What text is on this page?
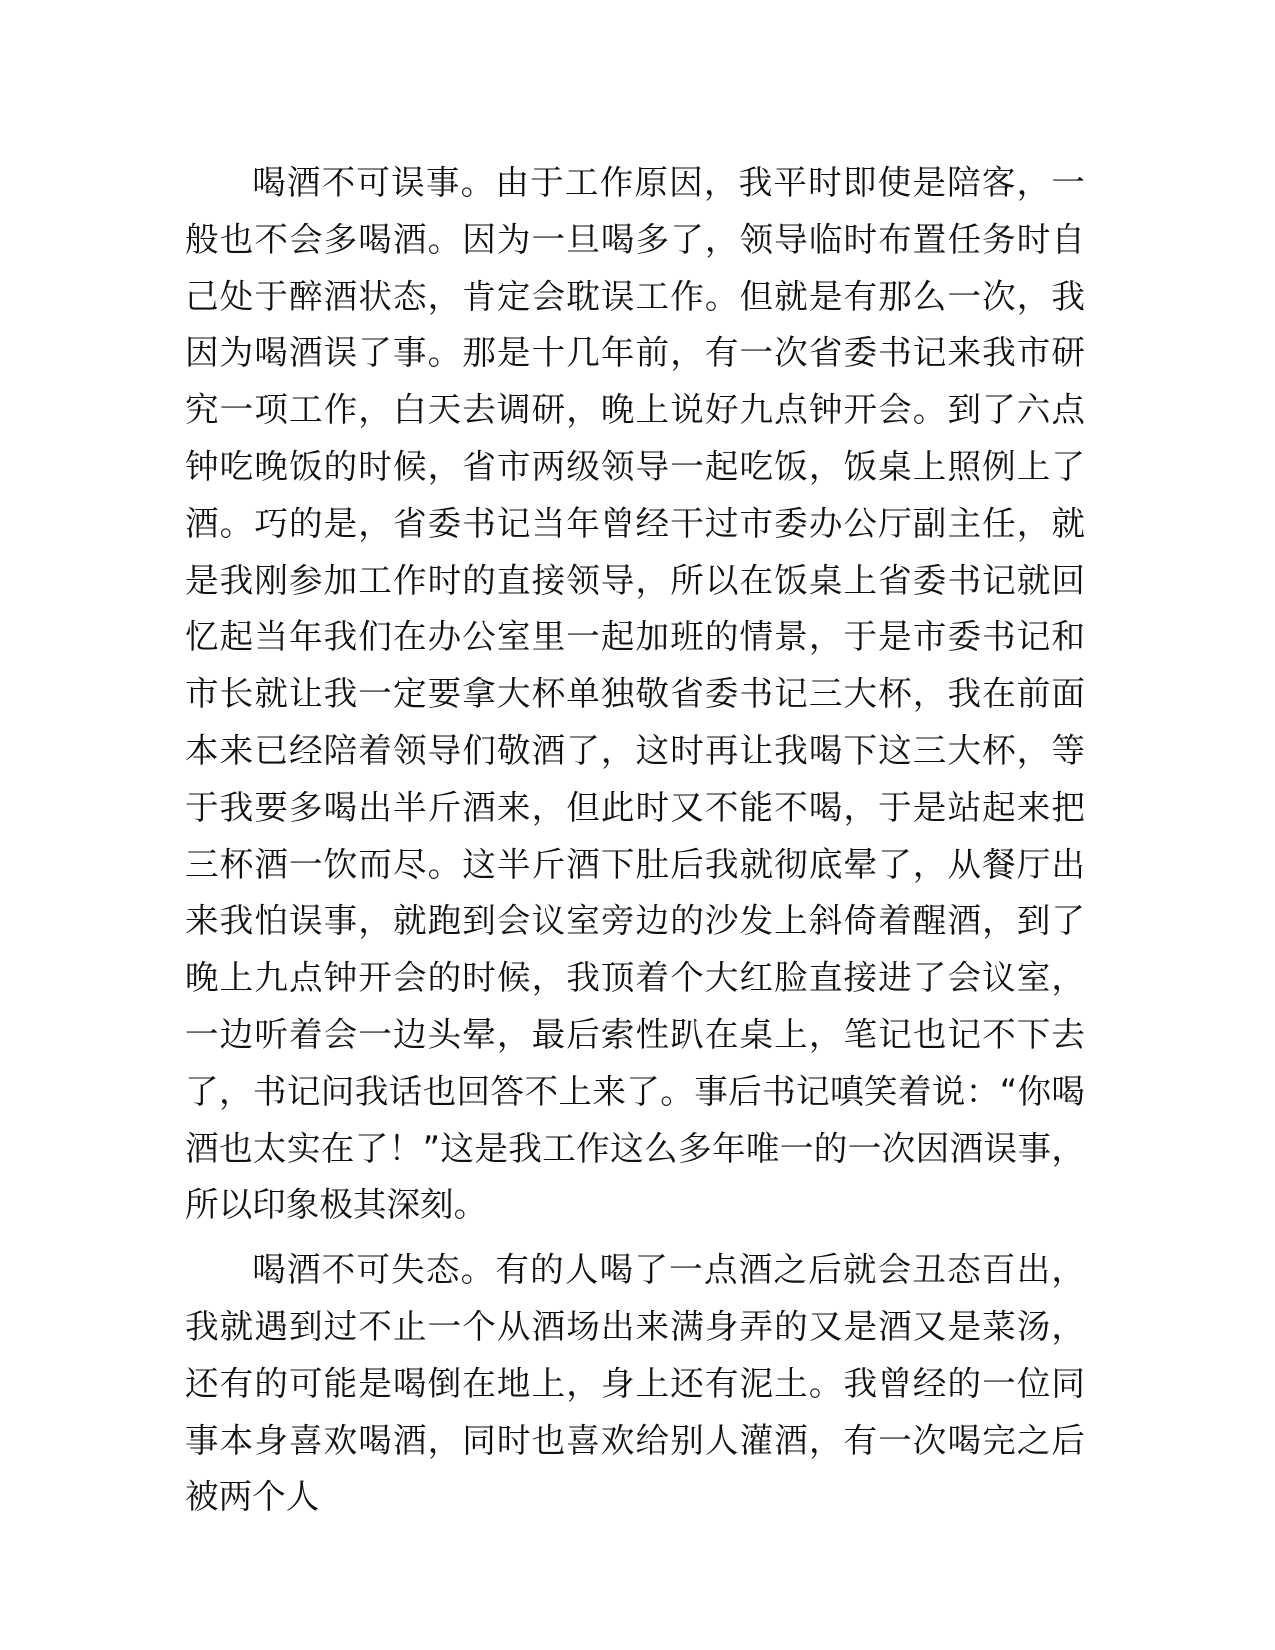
喝酒不可误事。由于工作原因，我平时即使是陪客，一般也不会多喝酒。因为一旦喝多了，领导临时布置任务时自己处于醉酒状态，肯定会耽误工作。但就是有那么一次，我因为喝酒误了事。那是十几年前，有一次省委书记来我市研究一项工作，白天去调研，晚上说好九点钟开会。到了六点钟吃晚饭的时候，省市两级领导一起吃饭，饭桌上照例上了酒。巧的是，省委书记当年曾经干过市委办公厅副主任，就是我刚参加工作时的直接领导，所以在饭桌上省委书记就回忆起当年我们在办公室里一起加班的情景，于是市委书记和市长就让我一定要拿大杯单独敬省委书记三大杯，我在前面本来已经陪着领导们敬酒了，这时再让我喝下这三大杯，等于我要多喝出半斤酒来，但此时又不能不喝，于是站起来把三杯酒一饮而尽。这半斤酒下肚后我就彻底晕了，从餐厅出来我怕误事，就跑到会议室旁边的沙发上斜倚着醒酒，到了晚上九点钟开会的时候，我顶着个大红脸直接进了会议室，一边听着会一边头晕，最后索性趴在桌上，笔记也记不下去了，书记问我话也回答不上来了。事后书记嗔笑着说：“你喝酒也太实在了！”这是我工作这么多年唯一的一次因酒误事，所以印象极其深刻。

喝酒不可失态。有的人喝了一点酒之后就会丑态百出，我就遇到过不止一个从酒场出来满身弄的又是酒又是菜汤，还有的可能是喝倒在地上，身上还有泥土。我曾经的一位同事本身喜欢喝酒，同时也喜欢给别人灌酒，有一次喝完之后被两个人
